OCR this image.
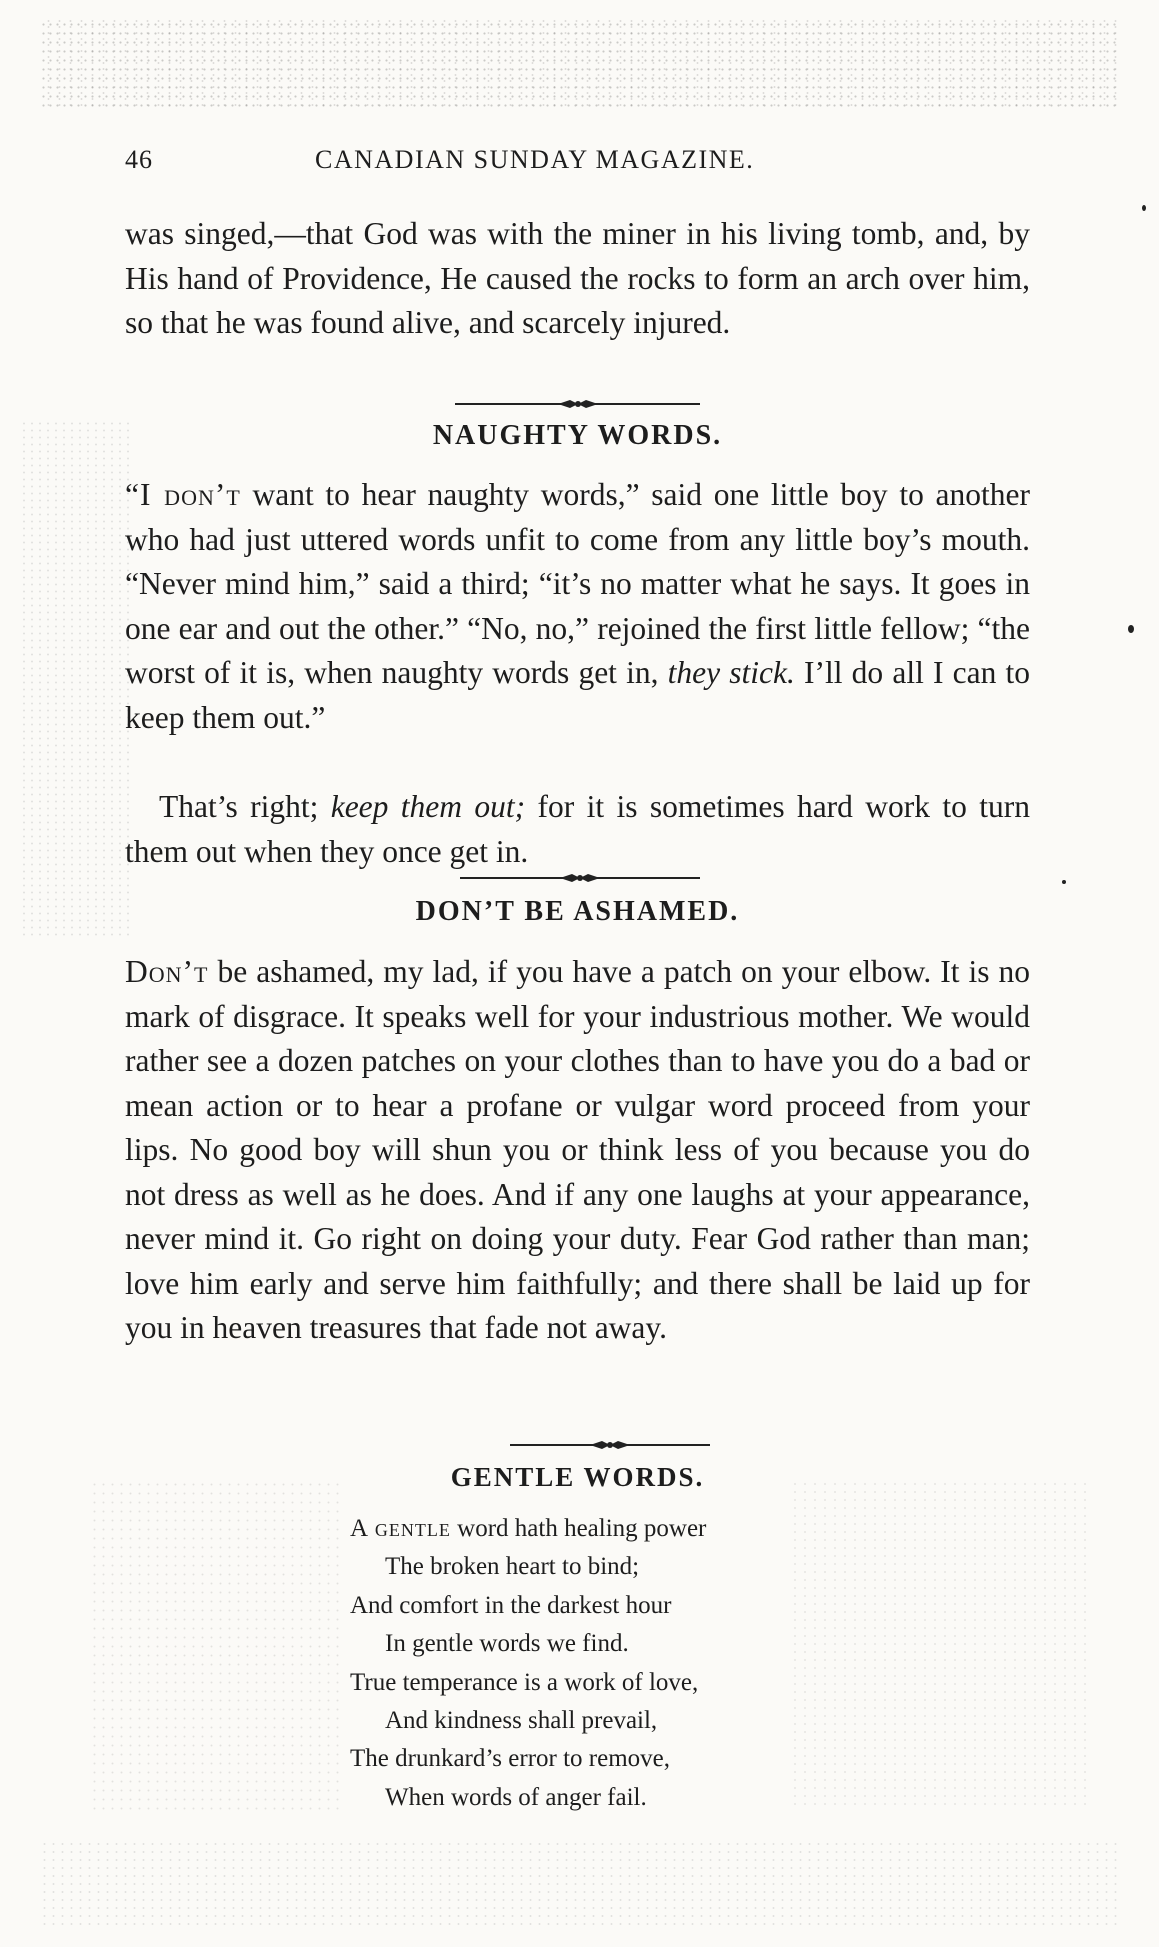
46	CANADIAN SUNDAY MAGAZINE.

was singed,—that God was with the miner in his living tomb, and, by His hand of Providence, He caused the rocks to form an arch over him, so that he was found alive, and scarcely injured.

NAUGHTY WORDS.

“I don’t want to hear naughty words,” said one little boy to another who had just uttered words unfit to come from any little boy’s mouth. “Never mind him,” said a third; “it’s no matter what he says. It goes in one ear and out the other.” “No, no,” rejoined the first little fellow; “the worst of it is, when naughty words get in, they stick. I’ll do all I can to keep them out.”

That’s right; keep them out; for it is sometimes hard work to turn them out when they once get in.

DON’T BE ASHAMED.

Don’t be ashamed, my lad, if you have a patch on your elbow. It is no mark of disgrace. It speaks well for your industrious mother. We would rather see a dozen patches on your clothes than to have you do a bad or mean action or to hear a profane or vulgar word proceed from your lips. No good boy will shun you or think less of you because you do not dress as well as he does. And if any one laughs at your appearance, never mind it. Go right on doing your duty. Fear God rather than man; love him early and serve him faithfully; and there shall be laid up for you in heaven treasures that fade not away.

GENTLE WORDS.
A gentle word hath healing power
The broken heart to bind;
And comfort in the darkest hour
In gentle words we find.
True temperance is a work of love,
And kindness shall prevail,
The drunkard’s error to remove,
When words of anger fail.
